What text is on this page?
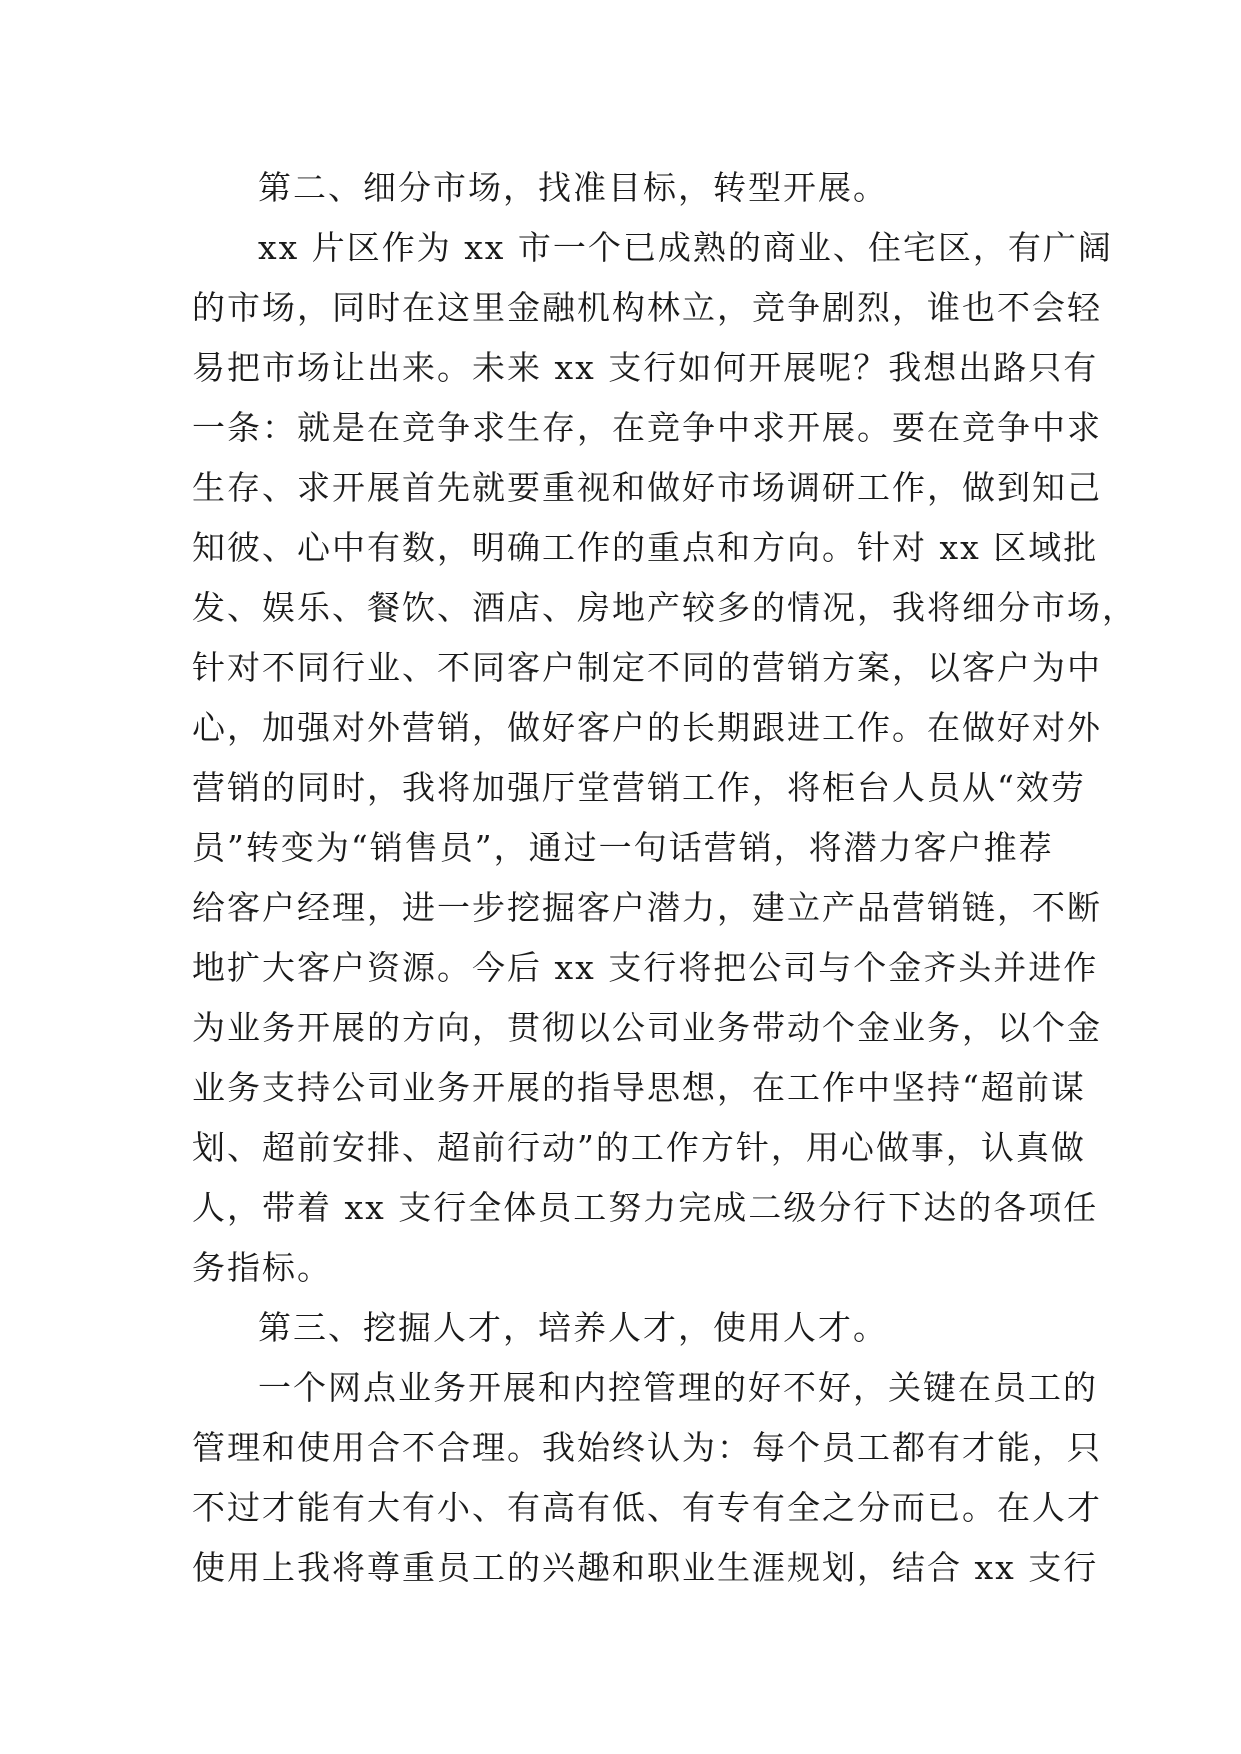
第二、细分市场，找准目标，转型开展。
xx 片区作为 xx 市一个已成熟的商业、住宅区，有广阔
的市场，同时在这里金融机构林立，竞争剧烈，谁也不会轻
易把市场让出来。未来 xx 支行如何开展呢？我想出路只有
一条：就是在竞争求生存，在竞争中求开展。要在竞争中求
生存、求开展首先就要重视和做好市场调研工作，做到知己
知彼、心中有数，明确工作的重点和方向。针对 xx 区域批
发、娱乐、餐饮、酒店、房地产较多的情况，我将细分市场，
针对不同行业、不同客户制定不同的营销方案，以客户为中
心，加强对外营销，做好客户的长期跟进工作。在做好对外
营销的同时，我将加强厅堂营销工作，将柜台人员从“效劳
员”转变为“销售员”，通过一句话营销，将潜力客户推荐
给客户经理，进一步挖掘客户潜力，建立产品营销链，不断
地扩大客户资源。今后 xx 支行将把公司与个金齐头并进作
为业务开展的方向，贯彻以公司业务带动个金业务，以个金
业务支持公司业务开展的指导思想，在工作中坚持“超前谋
划、超前安排、超前行动”的工作方针，用心做事，认真做
人，带着 xx 支行全体员工努力完成二级分行下达的各项任
务指标。
第三、挖掘人才，培养人才，使用人才。
一个网点业务开展和内控管理的好不好，关键在员工的
管理和使用合不合理。我始终认为：每个员工都有才能，只
不过才能有大有小、有高有低、有专有全之分而已。在人才
使用上我将尊重员工的兴趣和职业生涯规划，结合 xx 支行
